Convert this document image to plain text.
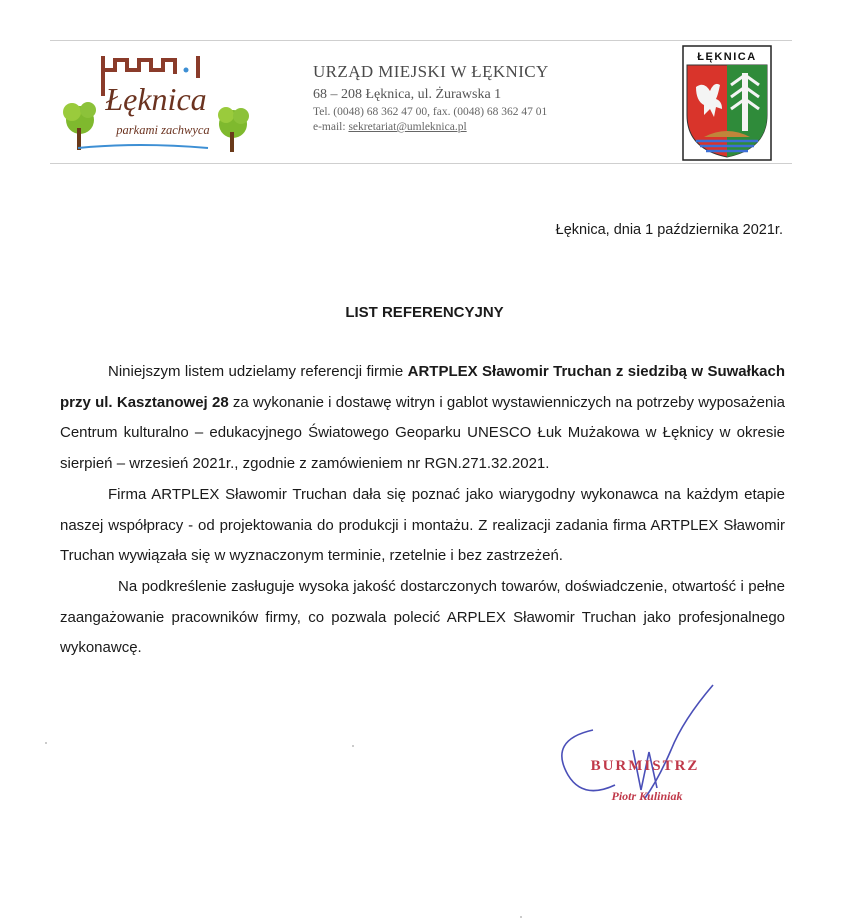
Łęknica
parkami zachwyca
URZĄD MIEJSKI W ŁĘKNICY
68 – 208 Łęknica, ul. Żurawska 1
Tel. (0048) 68 362 47 00, fax. (0048) 68 362 47 01
e-mail: sekretariat@umleknica.pl
ŁĘKNICA
Łęknica, dnia 1 października 2021r.
LIST REFERENCYJNY

Niniejszym listem udzielamy referencji firmie ARTPLEX Sławomir Truchan z siedzibą w Suwałkach przy ul. Kasztanowej 28 za wykonanie i dostawę witryn i gablot wystawienniczych na potrzeby wyposażenia Centrum kulturalno – edukacyjnego Światowego Geoparku UNESCO Łuk Mużakowa w Łęknicy w okresie sierpień – wrzesień 2021r., zgodnie z zamówieniem nr RGN.271.32.2021.

Firma ARTPLEX Sławomir Truchan dała się poznać jako wiarygodny wykonawca na każdym etapie naszej współpracy - od projektowania do produkcji i montażu. Z realizacji zadania firma ARTPLEX Sławomir Truchan wywiązała się w wyznaczonym terminie, rzetelnie i bez zastrzeżeń.

Na podkreślenie zasługuje wysoka jakość dostarczonych towarów, doświadczenie, otwartość i pełne zaangażowanie pracowników firmy, co pozwala polecić ARPLEX Sławomir Truchan jako profesjonalnego wykonawcę.

BURMISTRZ
Piotr Kuliniak
